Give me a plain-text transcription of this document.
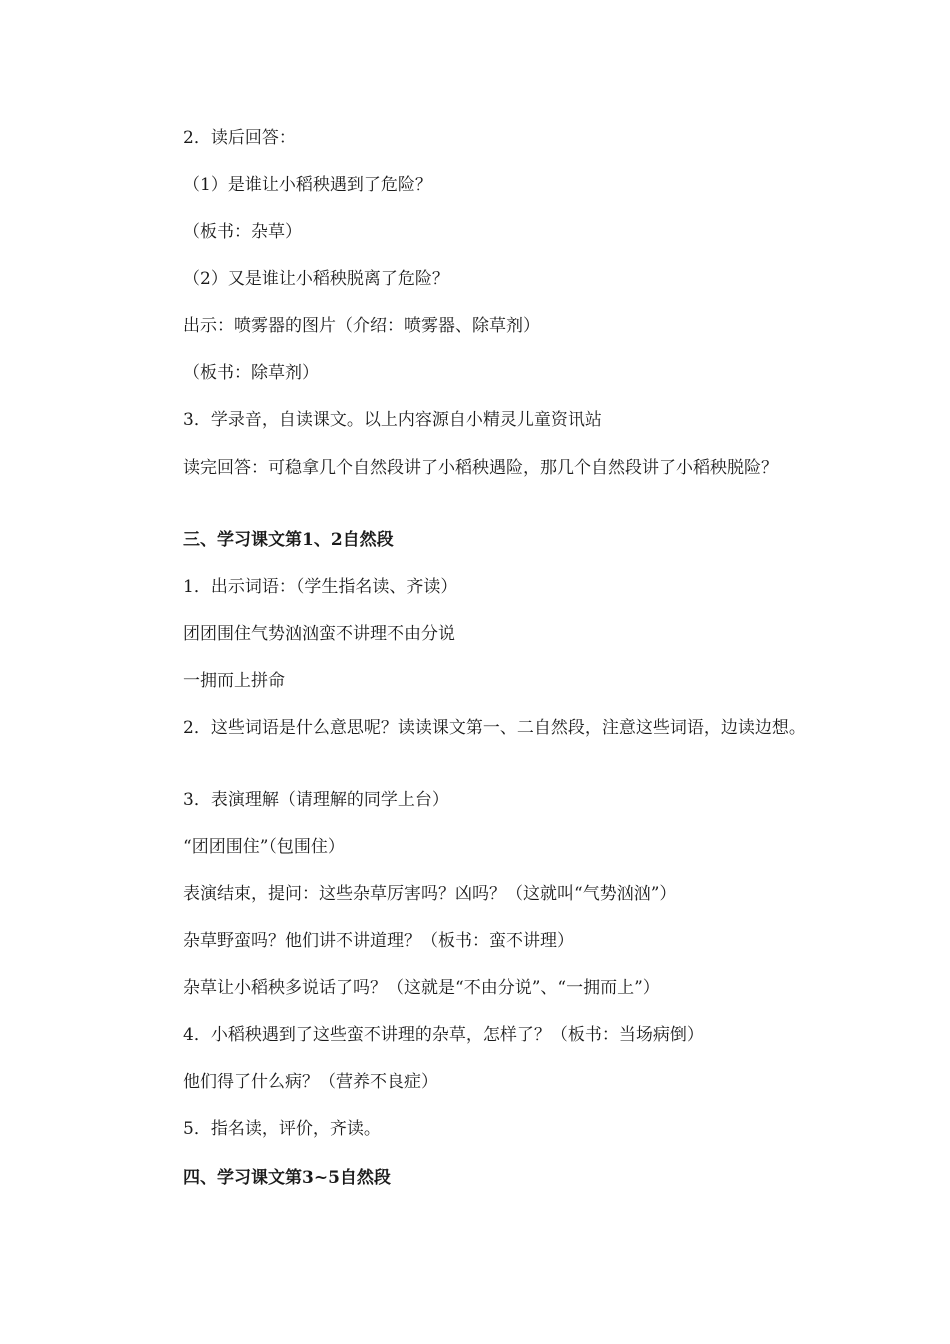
2．读后回答：
（1）是谁让小稻秧遇到了危险？
（板书：杂草）
（2）又是谁让小稻秧脱离了危险？
出示：喷雾器的图片（介绍：喷雾器、除草剂）
（板书：除草剂）
3．学录音，自读课文。以上内容源自小精灵儿童资讯站
读完回答：可稳拿几个自然段讲了小稻秧遇险，那几个自然段讲了小稻秧脱险？
三、学习课文第1、2自然段
1．出示词语：（学生指名读、齐读）
团团围住气势汹汹蛮不讲理不由分说
一拥而上拼命
2．这些词语是什么意思呢？读读课文第一、二自然段，注意这些词语，边读边想。
3．表演理解（请理解的同学上台）
“团团围住”（包围住）
表演结束，提问：这些杂草厉害吗？凶吗？（这就叫“气势汹汹”）
杂草野蛮吗？他们讲不讲道理？（板书：蛮不讲理）
杂草让小稻秧多说话了吗？（这就是“不由分说”、“一拥而上”）
4．小稻秧遇到了这些蛮不讲理的杂草，怎样了？（板书：当场病倒）
他们得了什么病？（营养不良症）
5．指名读，评价，齐读。
四、学习课文第3~5自然段
